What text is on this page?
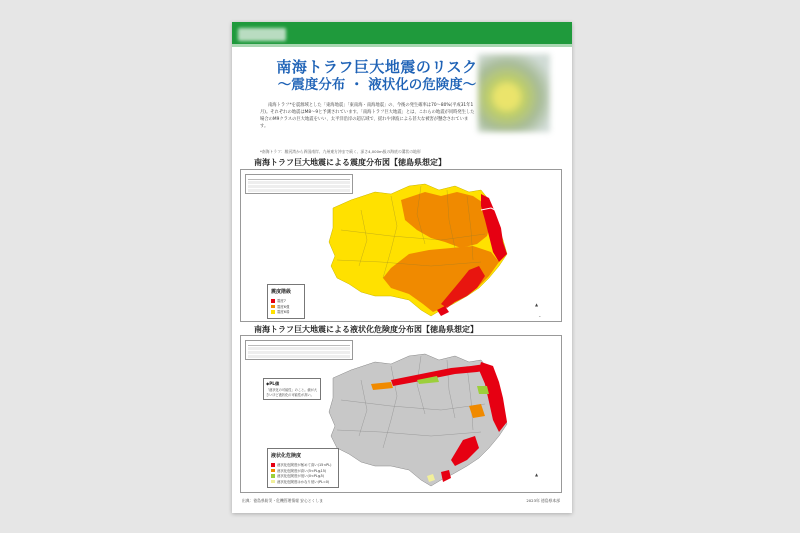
南海トラフ巨大地震のリスク
〜震度分布 ・ 液状化の危険度〜

南海トラフ*を震源域とした「東海地震」「東南海・南海地震」の、今後の発生確率は70〜80%(平成31年1月)。それぞれの地震はM8〜9と予測されています。「南海トラフ巨大地震」とは、これらの地震が同時発生した場合のM9クラスの巨大地震をいい、太平洋沿岸の超広域で、揺れや津波による甚大な被害が懸念されています。

*南海トラフ：駿河湾から四国南岸、九州東方沖まで続く、深さ4,000m級の海底の溝状の地形

南海トラフ巨大地震による震度分布図【徳島県想定】
震度階級
震度7
震度6強
震度6弱
▲
━
南海トラフ巨大地震による液状化危険度分布図【徳島県想定】
◆PL値
「液状化の可能性」のこと。値が大きいほど液状化の可能性が高い。
液状化危険度
液状化危険度が極めて高い(15<PL)
液状化危険度が高い(5<PL≦15)
液状化危険度が低い(0<PL≦5)
液状化危険度はかなり低い(PL=0)
▲
出典：徳島県防災・危機管理情報 安心とくしま	2023年 徳島県本部
